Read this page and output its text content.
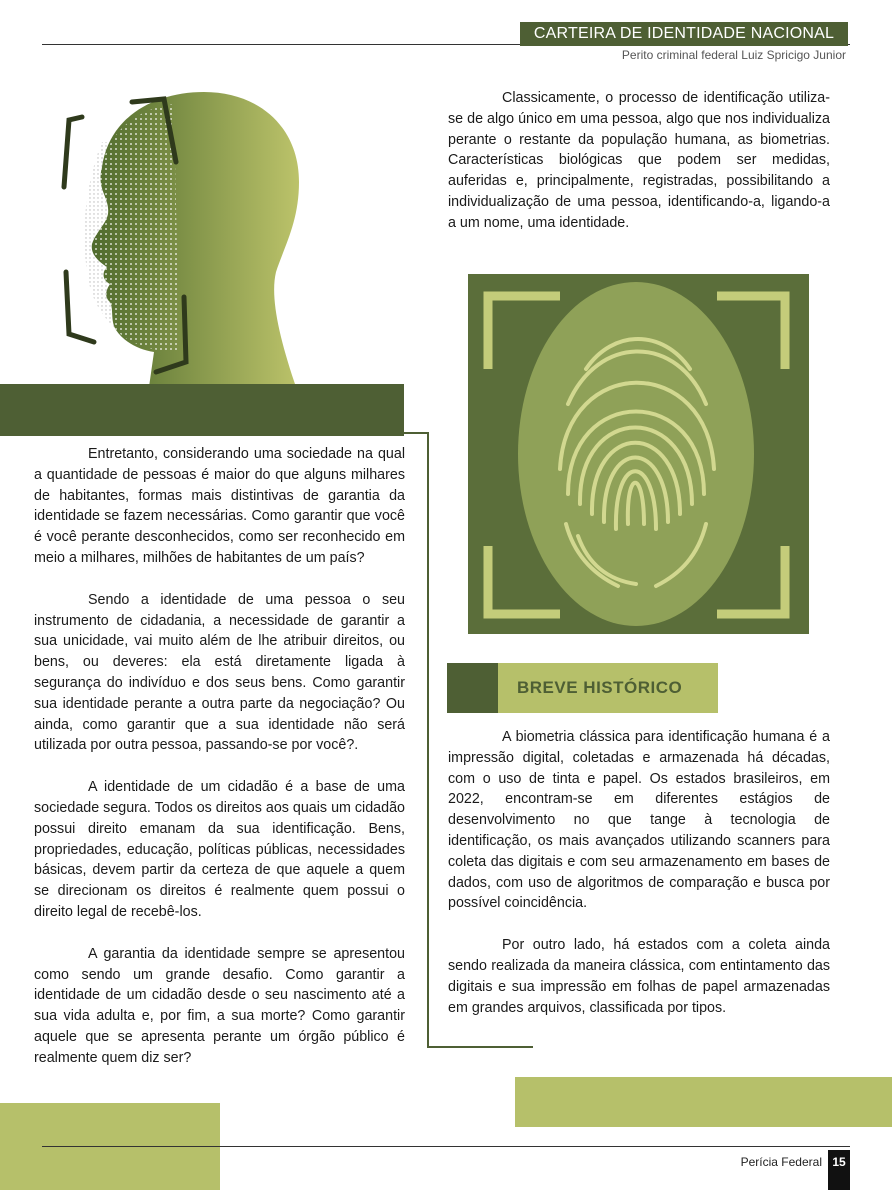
CARTEIRA DE IDENTIDADE NACIONAL
Perito criminal federal Luiz Spricigo Junior

Entretanto, considerando uma sociedade na qual a quantidade de pessoas é maior do que alguns milhares de habitantes, formas mais distintivas de garantia da identidade se fazem necessárias. Como garantir que você é você perante desconhecidos, como ser reconhecido em meio a milhares, milhões de habitantes de um país?

Sendo a identidade de uma pessoa o seu instrumento de cidadania, a necessidade de garantir a sua unicidade, vai muito além de lhe atribuir direitos, ou bens, ou deveres: ela está diretamente ligada à segurança do indivíduo e dos seus bens. Como garantir sua identidade perante a outra parte da negociação? Ou ainda, como garantir que a sua identidade não será utilizada por outra pessoa, passando-se por você?.

A identidade de um cidadão é a base de uma sociedade segura. Todos os direitos aos quais um cidadão possui direito emanam da sua identificação. Bens, propriedades, educação, políticas públicas, necessidades básicas, devem partir da certeza de que aquele a quem se direcionam os direitos é realmente quem possui o direito legal de recebê-los.

A garantia da identidade sempre se apresentou como sendo um grande desafio. Como garantir a identidade de um cidadão desde o seu nascimento até a sua vida adulta e, por fim, a sua morte? Como garantir aquele que se apresenta perante um órgão público é realmente quem diz ser?

Classicamente, o processo de identificação utiliza-se de algo único em uma pessoa, algo que nos individualiza perante o restante da população humana, as biometrias. Características biológicas que podem ser medidas, auferidas e, principalmente, registradas, possibilitando a individualização de uma pessoa, identificando-a, ligando-a a um nome, uma identidade.

BREVE HISTÓRICO

A biometria clássica para identificação humana é a impressão digital, coletadas e armazenada há décadas, com o uso de tinta e papel. Os estados brasileiros, em 2022, encontram-se em diferentes estágios de desenvolvimento no que tange à tecnologia de identificação, os mais avançados utilizando scanners para coleta das digitais e com seu armazenamento em bases de dados, com uso de algoritmos de comparação e busca por possível coincidência.

Por outro lado, há estados com a coleta ainda sendo realizada da maneira clássica, com entintamento das digitais e sua impressão em folhas de papel armazenadas em grandes arquivos, classificada por tipos.

Perícia Federal 15
